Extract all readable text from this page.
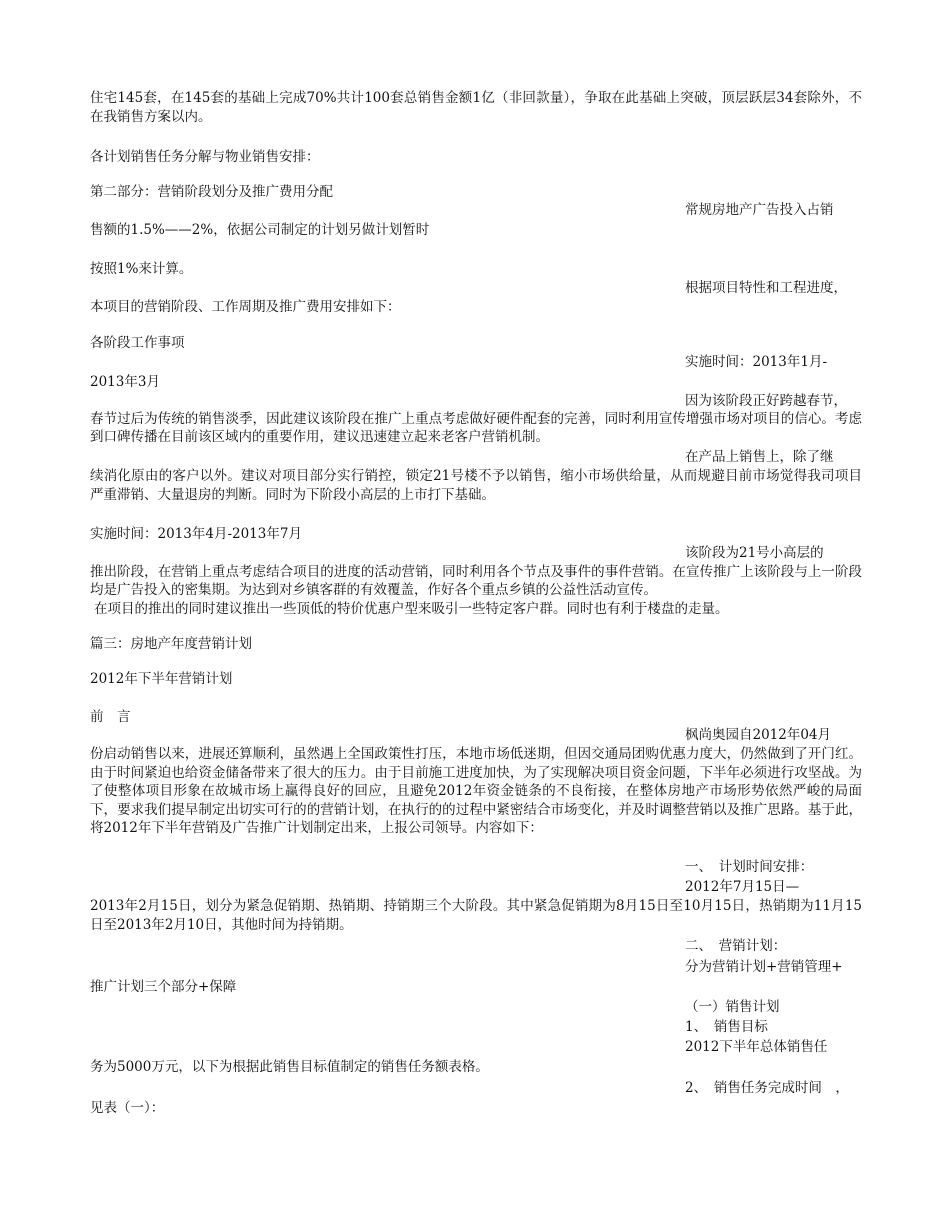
住宅145套，在145套的基础上完成70%共计100套总销售金额1亿（非回款量），争取在此基础上突破，顶层跃层34套除外，不在我销售方案以内。
各计划销售任务分解与物业销售安排：
第二部分：营销阶段划分及推广费用分配
常规房地产广告投入占销
售额的1.5%——2%，依据公司制定的计划另做计划暂时
按照1%来计算。
根据项目特性和工程进度，
本项目的营销阶段、工作周期及推广费用安排如下：
各阶段工作事项
实施时间：2013年1月-
2013年3月
因为该阶段正好跨越春节，
春节过后为传统的销售淡季，因此建议该阶段在推广上重点考虑做好硬件配套的完善，同时利用宣传增强市场对项目的信心。考虑到口碑传播在目前该区域内的重要作用，建议迅速建立起来老客户营销机制。
在产品上销售上，除了继
续消化原由的客户以外。建议对项目部分实行销控，锁定21号楼不予以销售，缩小市场供给量，从而规避目前市场觉得我司项目严重滞销、大量退房的判断。同时为下阶段小高层的上市打下基础。
实施时间：2013年4月-2013年7月
该阶段为21号小高层的
推出阶段，在营销上重点考虑结合项目的进度的活动营销，同时利用各个节点及事件的事件营销。在宣传推广上该阶段与上一阶段均是广告投入的密集期。为达到对乡镇客群的有效覆盖，作好各个重点乡镇的公益性活动宣传。
在项目的推出的同时建议推出一些顶低的特价优惠户型来吸引一些特定客户群。同时也有利于楼盘的走量。
篇三：房地产年度营销计划
2012年下半年营销计划
前　言
枫尚奥园自2012年04月
份启动销售以来，进展还算顺利，虽然遇上全国政策性打压，本地市场低迷期，但因交通局团购优惠力度大，仍然做到了开门红。由于时间紧迫也给资金储备带来了很大的压力。由于目前施工进度加快，为了实现解决项目资金问题，下半年必须进行攻坚战。为了使整体项目形象在故城市场上赢得良好的回应，且避免2012年资金链条的不良衔接，在整体房地产市场形势依然严峻的局面下，要求我们提早制定出切实可行的的营销计划，在执行的的过程中紧密结合市场变化，并及时调整营销以及推广思路。基于此，将2012年下半年营销及广告推广计划制定出来，上报公司领导。内容如下：
一、　计划时间安排：
2012年7月15日—
2013年2月15日，划分为紧急促销期、热销期、持销期三个大阶段。其中紧急促销期为8月15日至10月15日，热销期为11月15日至2013年2月10日，其他时间为持销期。
二、　营销计划：
分为营销计划+营销管理+
推广计划三个部分+保障
（一）销售计划
1、　销售目标
2012下半年总体销售任
务为5000万元，以下为根据此销售目标值制定的销售任务额表格。
2、　销售任务完成时间　，
见表（一）：
